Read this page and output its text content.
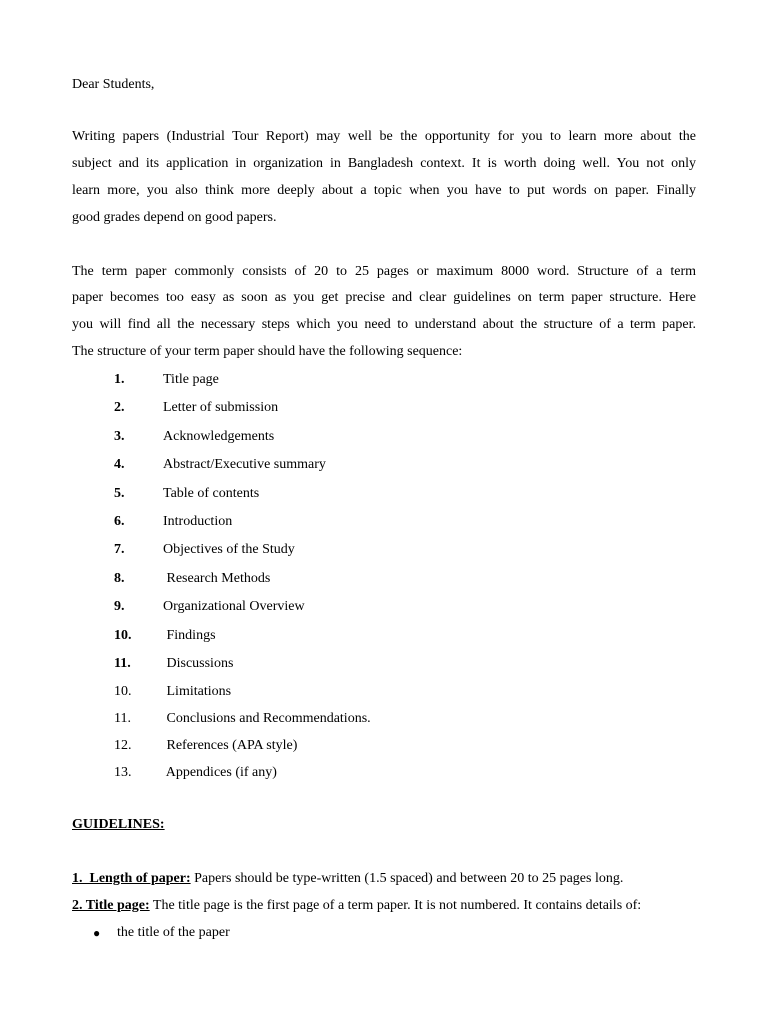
Dear Students,
Writing papers (Industrial Tour Report) may well be the opportunity for you to learn more about the
subject and its application in organization in Bangladesh context. It is worth doing well. You not only
learn more, you also think more deeply about a topic when you have to put words on paper. Finally
good grades depend on good papers.
The term paper commonly consists of 20 to 25 pages or maximum 8000 word. Structure of a term
paper becomes too easy as soon as you get precise and clear guidelines on term paper structure. Here
you will find all the necessary steps which you need to understand about the structure of a term paper.
The structure of your term paper should have the following sequence:
1.	Title page
2.	Letter of submission
3.	Acknowledgements
4.	Abstract/Executive summary
5.	Table of contents
6.	Introduction
7.	Objectives of the Study
8.	Research Methods
9.	Organizational Overview
10.	Findings
11.	Discussions
10.	Limitations
11.	Conclusions and Recommendations.
12.	References (APA style)
13.	Appendices (if any)
GUIDELINES:
1.  Length of paper: Papers should be type-written (1.5 spaced) and between 20 to 25 pages long.
2. Title page: The title page is the first page of a term paper. It is not numbered. It contains details of:
● the title of the paper
